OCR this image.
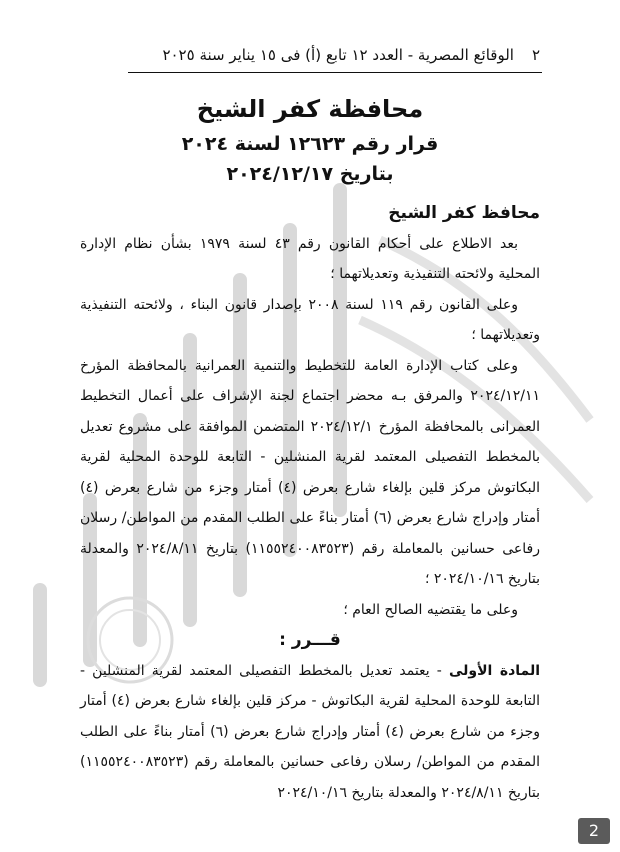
٢
الوقائع المصرية - العدد ١٢ تابع (أ) فى ١٥ يناير سنة ٢٠٢٥
محافظة كفر الشيخ
قرار رقم ١٢٦٢٣ لسنة ٢٠٢٤
بتاريخ ٢٠٢٤/١٢/١٧

محافظ كفر الشيخ

بعد الاطلاع على أحكام القانون رقم ٤٣ لسنة ١٩٧٩ بشأن نظام الإدارة المحلية ولائحته التنفيذية وتعديلاتهما ؛

وعلى القانون رقم ١١٩ لسنة ٢٠٠٨ بإصدار قانون البناء ، ولائحته التنفيذية وتعديلاتهما ؛

وعلى كتاب الإدارة العامة للتخطيط والتنمية العمرانية بالمحافظة المؤرخ ٢٠٢٤/١٢/١١ والمرفق بـه محضر اجتماع لجنة الإشراف على أعمال التخطيط العمرانى بالمحافظة المؤرخ ٢٠٢٤/١٢/١ المتضمن الموافقة على مشروع تعديل بالمخطط التفصيلى المعتمد لقرية المنشلين - التابعة للوحدة المحلية لقرية البكاتوش مركز قلين بإلغاء شارع بعرض (٤) أمتار وجزء من شارع بعرض (٤) أمتار وإدراج شارع بعرض (٦) أمتار بناءً على الطلب المقدم من المواطن/ رسلان رفاعى حسانين بالمعاملة رقم (١١٥٥٢٤٠٠٨٣٥٢٣) بتاريخ ٢٠٢٤/٨/١١ والمعدلة بتاريخ ٢٠٢٤/١٠/١٦ ؛

وعلى ما يقتضيه الصالح العام ؛

قـــرر :

المادة الأولى - يعتمد تعديل بالمخطط التفصيلى المعتمد لقرية المنشلين - التابعة للوحدة المحلية لقرية البكاتوش - مركز قلين بإلغاء شارع بعرض (٤) أمتار وجزء من شارع بعرض (٤) أمتار وإدراج شارع بعرض (٦) أمتار بناءً على الطلب المقدم من المواطن/ رسلان رفاعى حسانين بالمعاملة رقم (١١٥٥٢٤٠٠٨٣٥٢٣) بتاريخ ٢٠٢٤/٨/١١ والمعدلة بتاريخ ٢٠٢٤/١٠/١٦

2
